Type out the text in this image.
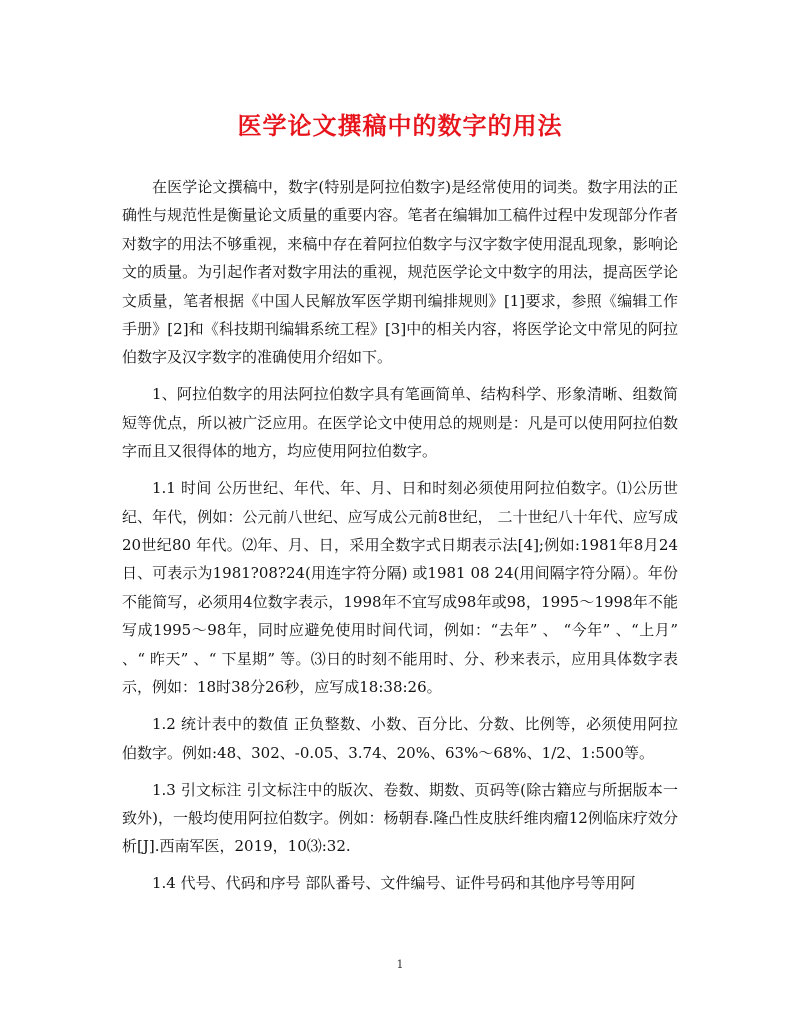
医学论文撰稿中的数字的用法

在医学论文撰稿中，数字(特别是阿拉伯数字)是经常使用的词类。数字用法的正确性与规范性是衡量论文质量的重要内容。笔者在编辑加工稿件过程中发现部分作者对数字的用法不够重视，来稿中存在着阿拉伯数字与汉字数字使用混乱现象，影响论文的质量。为引起作者对数字用法的重视，规范医学论文中数字的用法，提高医学论文质量，笔者根据《中国人民解放军医学期刊编排规则》[1]要求，参照《编辑工作手册》[2]和《科技期刊编辑系统工程》[3]中的相关内容，将医学论文中常见的阿拉伯数字及汉字数字的准确使用介绍如下。

1、阿拉伯数字的用法阿拉伯数字具有笔画简单、结构科学、形象清晰、组数简短等优点，所以被广泛应用。在医学论文中使用总的规则是：凡是可以使用阿拉伯数字而且又很得体的地方，均应使用阿拉伯数字。

1.1 时间 公历世纪、年代、年、月、日和时刻必须使用阿拉伯数字。⑴公历世纪、年代，例如：公元前八世纪、应写成公元前8世纪， 二十世纪八十年代、应写成20世纪80 年代。⑵年、月、日，采用全数字式日期表示法[4];例如:1981年8月24日、可表示为1981?08?24(用连字符分隔) 或1981 08 24(用间隔字符分隔）。年份不能简写，必须用4位数字表示，1998年不宜写成98年或98，1995～1998年不能写成1995～98年，同时应避免使用时间代词，例如：“去年” 、 “今年” 、“上月” 、“ 昨天” 、“ 下星期” 等。⑶日的时刻不能用时、分、秒来表示，应用具体数字表示，例如：18时38分26秒，应写成18:38:26。

1.2 统计表中的数值 正负整数、小数、百分比、分数、比例等，必须使用阿拉伯数字。例如:48、302、-0.05、3.74、20%、63%～68%、1/2、1:500等。

1.3 引文标注 引文标注中的版次、卷数、期数、页码等(除古籍应与所据版本一致外)，一般均使用阿拉伯数字。例如：杨朝春.隆凸性皮肤纤维肉瘤12例临床疗效分析[J].西南军医，2019，10⑶:32.

1.4 代号、代码和序号 部队番号、文件编号、证件号码和其他序号等用阿

1
